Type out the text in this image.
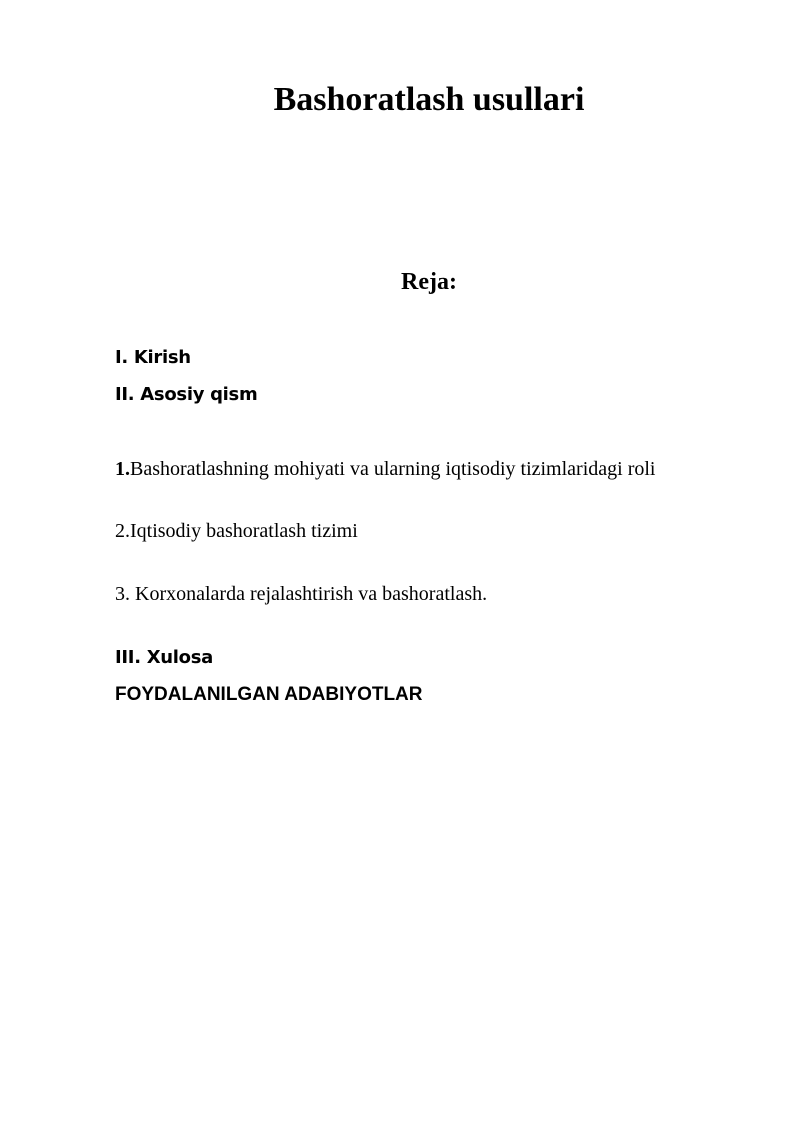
Bashoratlash usullari
Reja:
I. Kirish
II. Asosiy qism
1.Bashoratlashning mohiyati va ularning iqtisodiy tizimlaridagi roli
2.Iqtisodiy bashoratlash tizimi
3. Korxonalarda rejalashtirish va bashoratlash.
III. Xulosa
FOYDALANILGAN ADABIYOTLAR
